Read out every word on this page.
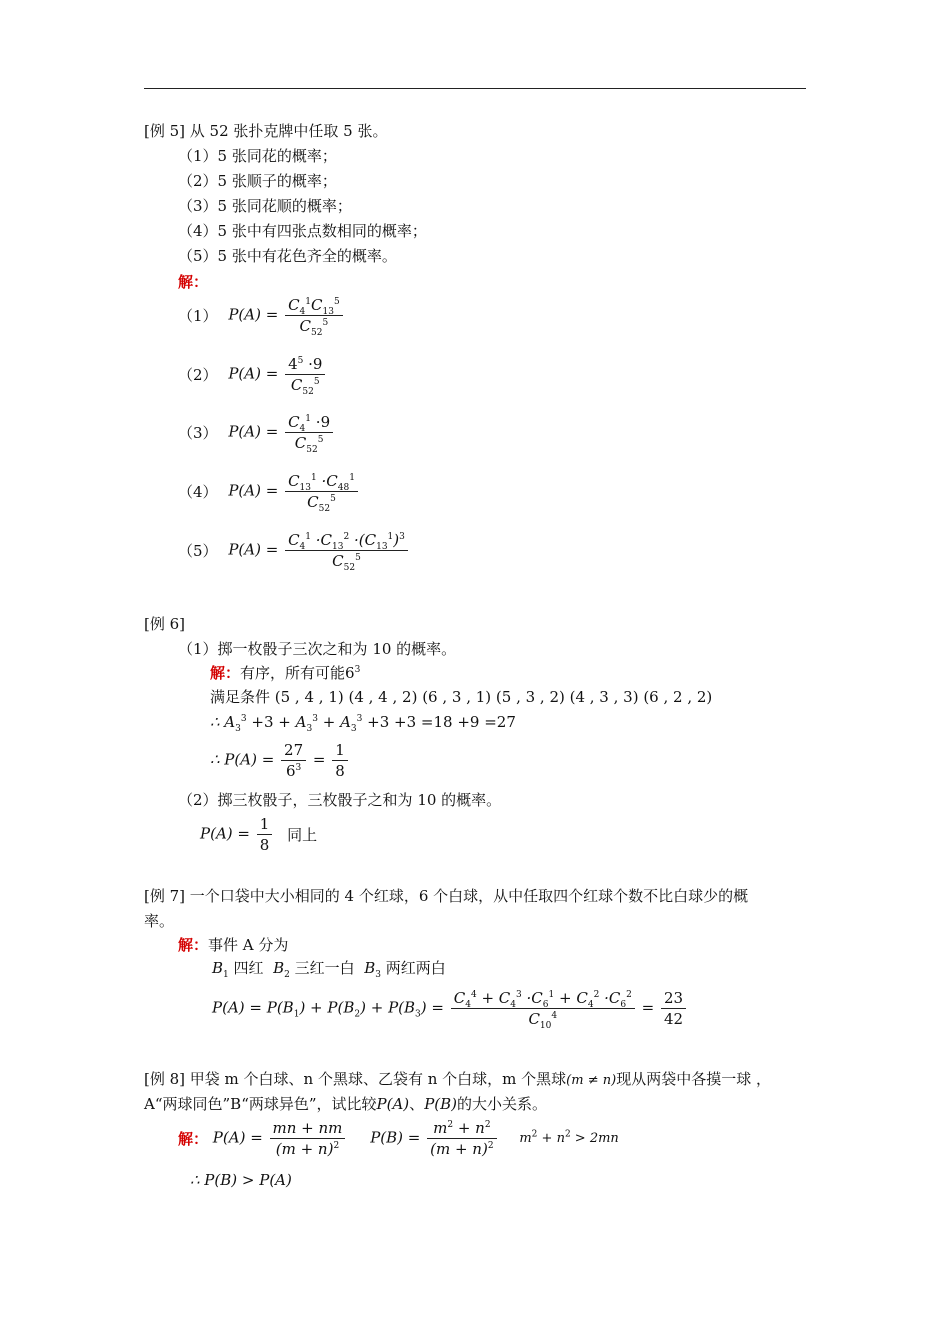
[例 5] 从 52 张扑克牌中任取 5 张。
（1）5 张同花的概率；
（2）5 张顺子的概率；
（3）5 张同花顺的概率；
（4）5 张中有四张点数相同的概率；
（5）5 张中有花色齐全的概率。
解：
（1） $P(A) = \frac{C_4^1C_{13}^5}{C_{52}^5}$
（2） $P(A) = \frac{4^5 \cdot 9}{C_{52}^5}$
（3） $P(A) = \frac{C_4^1 \cdot 9}{C_{52}^5}$
（4） $P(A) = \frac{C_{13}^1 \cdot C_{48}^1}{C_{52}^5}$
（5） $P(A) = \frac{C_4^1 \cdot C_{13}^2 \cdot(C_{13}^1)^3}{C_{52}^5}$
[例 6]
（1）掷一枚骰子三次之和为 10 的概率。
解：有序，所有可能$6^3$
满足条件 (5 , 4 , 1) (4 , 4 , 2) (6 , 3 , 1) (5 , 3 , 2) (4 , 3 , 3) (6 , 2 , 2)
∴ $A_3^3 +3 + A_3^3 + A_3^3 +3 +3 =18 +9 =27$
∴ $P(A) = \frac{27}{6^3} = \frac{1}{8}$
（2）掷三枚骰子，三枚骰子之和为 10 的概率。
$P(A) = \frac{1}{8}$ 同上
[例 7] 一个口袋中大小相同的 4 个红球，6 个白球，从中任取四个红球个数不比白球少的概
率。
解：事件 A 分为
$B_1$ 四红 $B_2$ 三红一白 $B_3$ 两红两白
$P(A) = P(B_1) + P(B_2) + P(B_3) = \frac{C_4^4 + C_4^3 \cdot C_6^1 + C_4^2 \cdot C_6^2}{C_{10}^4} = \frac{23}{42}$
[例 8] 甲袋 m 个白球、n 个黑球、乙袋有 n 个白球，m 个黑球(m ≠ n)现从两袋中各摸一球 ，
A“两球同色”B“两球异色”，试比较P(A)、P(B)的大小关系。
解： $P(A) = \frac{mn + nm}{(m + n)^2} P(B) = \frac{m^2 + n^2}{(m + n)^2} m^2 + n^2 > 2mn$
∴ P(B) > P(A)
